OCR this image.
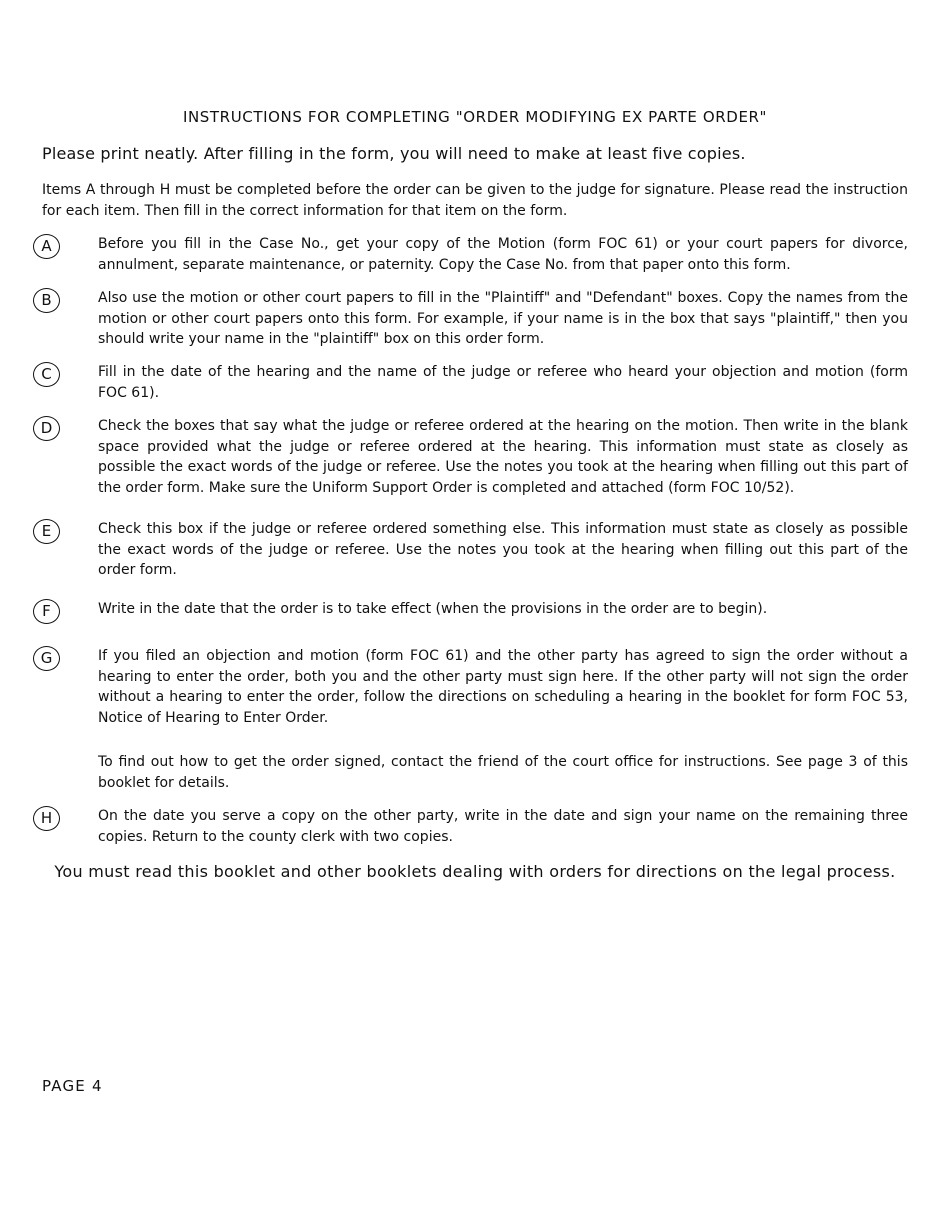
INSTRUCTIONS FOR COMPLETING "ORDER MODIFYING EX PARTE ORDER"
Please print neatly. After filling in the form, you will need to make at least five copies.
Items A through H must be completed before the order can be given to the judge for signature. Please read the instruction for each item. Then fill in the correct information for that item on the form.
A	Before you fill in the Case No., get your copy of the Motion (form FOC 61) or your court papers for divorce, annulment, separate maintenance, or paternity. Copy the Case No. from that paper onto this form.

B	Also use the motion or other court papers to fill in the "Plaintiff" and "Defendant" boxes. Copy the names from the motion or other court papers onto this form. For example, if your name is in the box that says "plaintiff," then you should write your name in the "plaintiff" box on this order form.

C	Fill in the date of the hearing and the name of the judge or referee who heard your objection and motion (form FOC 61).

D	Check the boxes that say what the judge or referee ordered at the hearing on the motion. Then write in the blank space provided what the judge or referee ordered at the hearing. This information must state as closely as possible the exact words of the judge or referee. Use the notes you took at the hearing when filling out this part of the order form. Make sure the Uniform Support Order is completed and attached (form FOC 10/52).

E	Check this box if the judge or referee ordered something else. This information must state as closely as possible the exact words of the judge or referee. Use the notes you took at the hearing when filling out this part of the order form.

F	Write in the date that the order is to take effect (when the provisions in the order are to begin).

G	If you filed an objection and motion (form FOC 61) and the other party has agreed to sign the order without a hearing to enter the order, both you and the other party must sign here. If the other party will not sign the order without a hearing to enter the order, follow the directions on scheduling a hearing in the booklet for form FOC 53, Notice of Hearing to Enter Order.

To find out how to get the order signed, contact the friend of the court office for instructions. See page 3 of this booklet for details.

H	On the date you serve a copy on the other party, write in the date and sign your name on the remaining three copies. Return to the county clerk with two copies.

You must read this booklet and other booklets dealing with orders for directions on the legal process.
PAGE 4
